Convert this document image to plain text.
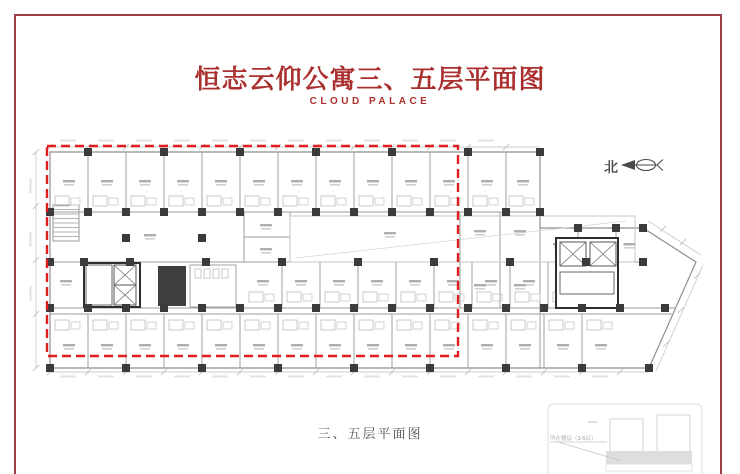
恒志云仰公寓三、五层平面图
CLOUD PALACE
北
所在楼层（3-5层）
三、五层平面图
